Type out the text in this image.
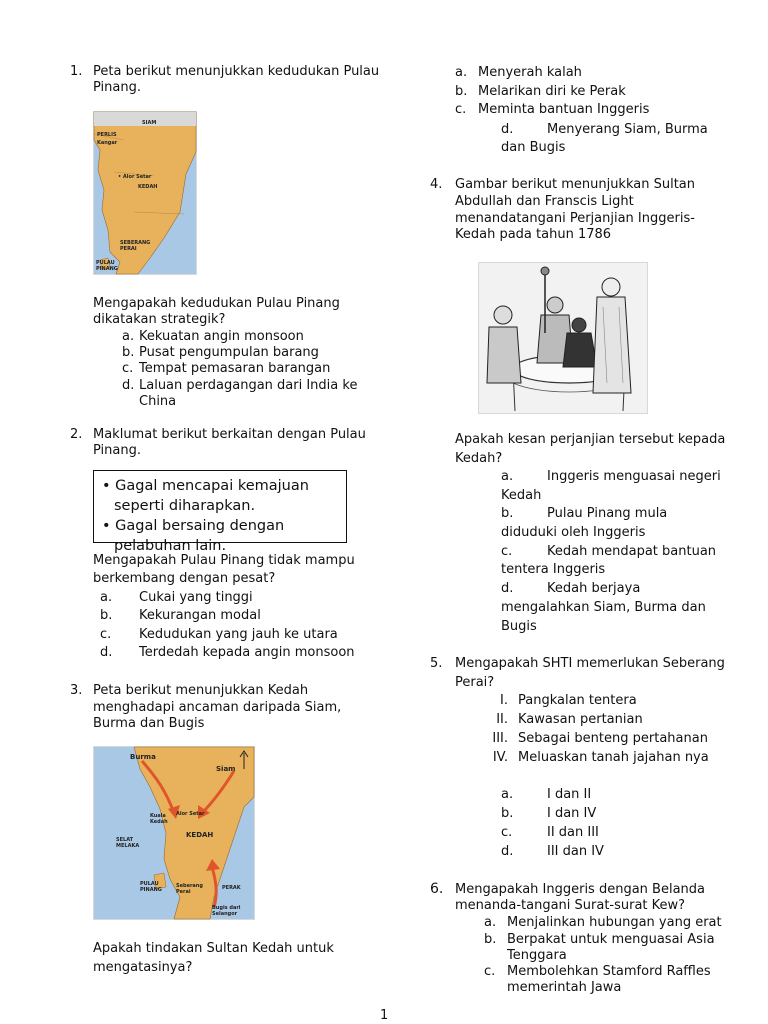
1. Peta berikut menunjukkan kedudukan Pulau
Pinang.
SIAM
PERLIS
Kangar
• Alor Setar
KEDAH
SEBERANG PERAI
PULAU PINANG
Mengapakah kedudukan Pulau Pinang
dikatakan strategik?
a. Kekuatan angin monsoon
b. Pusat pengumpulan barang
c. Tempat pemasaran barangan
d. Laluan perdagangan dari India ke
China
2. Maklumat berikut berkaitan dengan Pulau
Pinang.
• Gagal mencapai kemajuan seperti diharapkan.
• Gagal bersaing dengan pelabuhan lain.
Mengapakah Pulau Pinang tidak mampu
berkembang dengan pesat?
a. Cukai yang tinggi
b. Kekurangan modal
c. Kedudukan yang jauh ke utara
d. Terdedah kepada angin monsoon
3. Peta berikut menunjukkan Kedah
menghadapi ancaman daripada Siam,
Burma dan Bugis
Burma
Siam
Alor Setar
Kuala Kedah
KEDAH
SELAT MELAKA
PULAU PINANG
Seberang Perai
PERAK
Bugis dari Selangor
Apakah tindakan Sultan Kedah untuk
mengatasinya?
a. Menyerah kalah
b. Melarikan diri ke Perak
c. Meminta bantuan Inggeris
d.	Menyerang Siam, Burma
dan Bugis
4. Gambar berikut menunjukkan Sultan
Abdullah dan Franscis Light
menandatangani Perjanjian Inggeris-
Kedah pada tahun 1786
Apakah kesan perjanjian tersebut kepada
Kedah?
a.	Inggeris menguasai negeri
Kedah
b.	Pulau Pinang mula
diduduki oleh Inggeris
c.	Kedah mendapat bantuan
tentera Inggeris
d.	Kedah berjaya
mengalahkan Siam, Burma dan
Bugis
5. Mengapakah SHTI memerlukan Seberang
Perai?
I. Pangkalan tentera
II. Kawasan pertanian
III. Sebagai benteng pertahanan
IV. Meluaskan tanah jajahan nya
a.	I dan II
b.	I dan IV
c.	II dan III
d.	III dan IV
6. Mengapakah Inggeris dengan Belanda
menanda-tangani Surat-surat Kew?
a. Menjalinkan hubungan yang erat
b. Berpakat untuk menguasai Asia
Tenggara
c. Membolehkan Stamford Raffles
memerintah Jawa
1
